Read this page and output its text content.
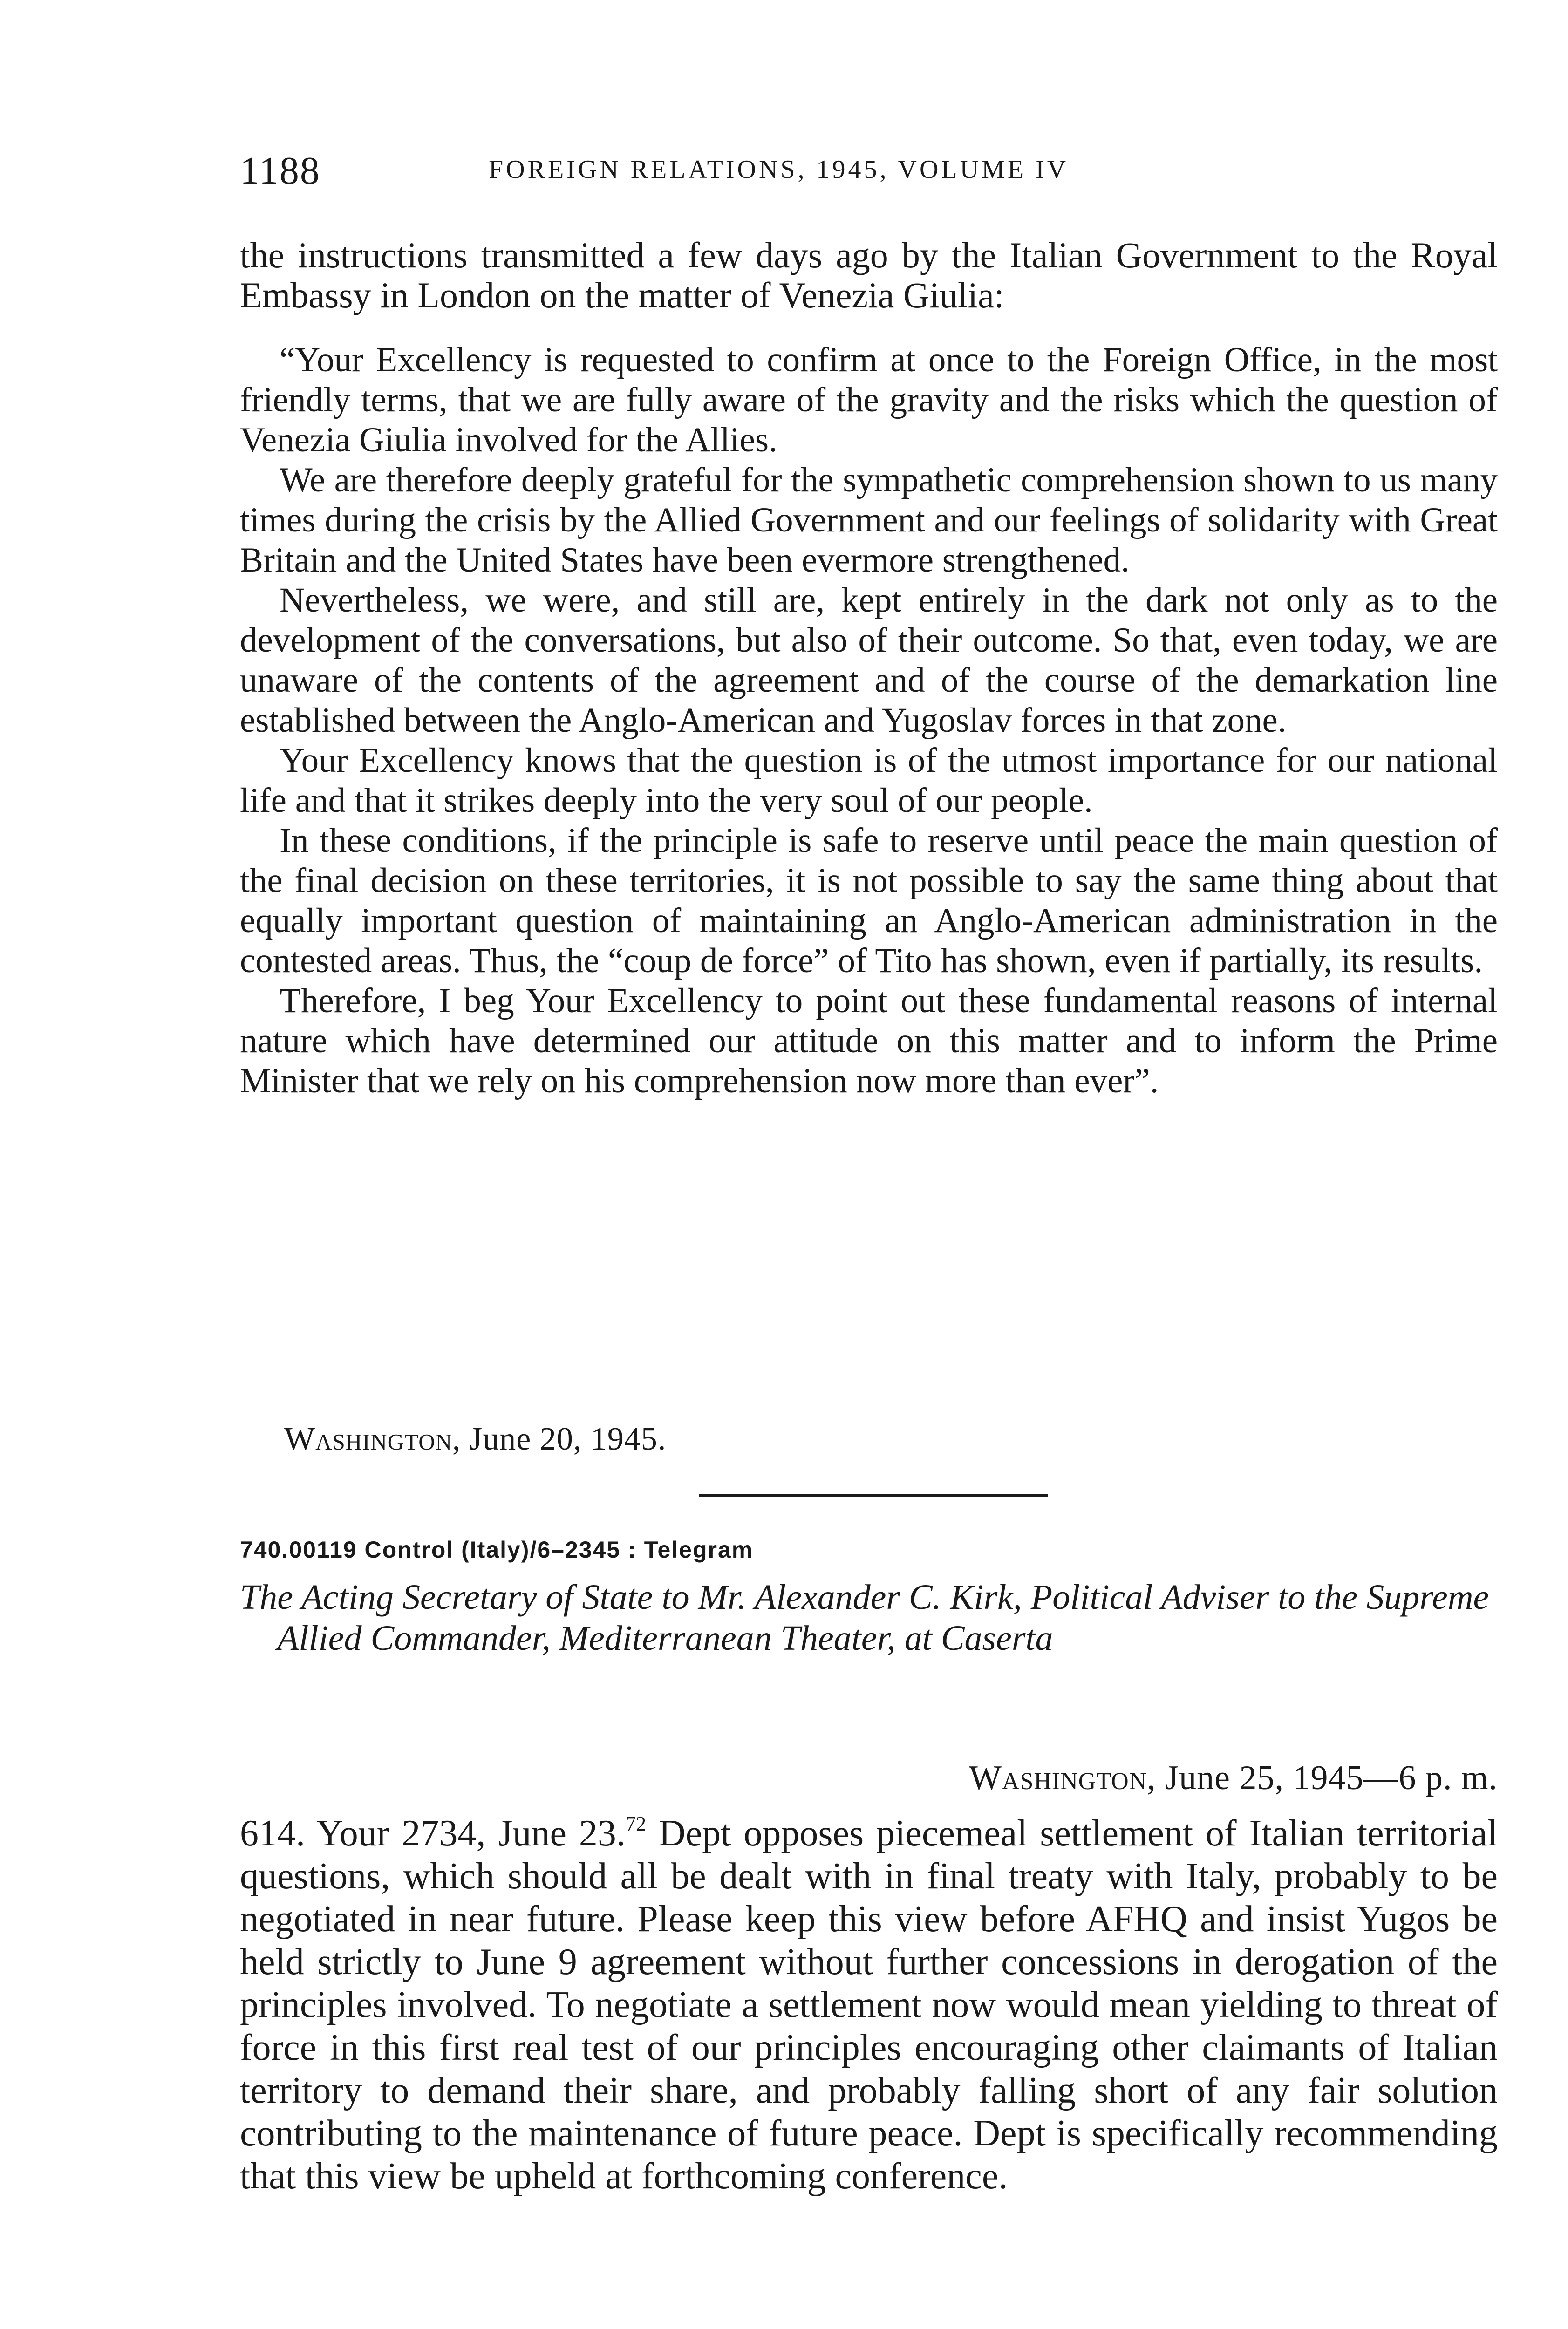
1188	FOREIGN RELATIONS, 1945, VOLUME IV

the instructions transmitted a few days ago by the Italian Government to the Royal Embassy in London on the matter of Venezia Giulia:

“Your Excellency is requested to confirm at once to the Foreign Office, in the most friendly terms, that we are fully aware of the gravity and the risks which the question of Venezia Giulia involved for the Allies.

We are therefore deeply grateful for the sympathetic comprehension shown to us many times during the crisis by the Allied Government and our feelings of solidarity with Great Britain and the United States have been evermore strengthened.

Nevertheless, we were, and still are, kept entirely in the dark not only as to the development of the conversations, but also of their outcome. So that, even today, we are unaware of the contents of the agreement and of the course of the demarkation line established between the Anglo-American and Yugoslav forces in that zone.

Your Excellency knows that the question is of the utmost importance for our national life and that it strikes deeply into the very soul of our people.

In these conditions, if the principle is safe to reserve until peace the main question of the final decision on these territories, it is not possible to say the same thing about that equally important question of maintaining an Anglo-American administration in the contested areas. Thus, the “coup de force” of Tito has shown, even if partially, its results.

Therefore, I beg Your Excellency to point out these fundamental reasons of internal nature which have determined our attitude on this matter and to inform the Prime Minister that we rely on his comprehension now more than ever”.

Washington, June 20, 1945.
740.00119 Control (Italy)/6–2345 : Telegram
The Acting Secretary of State to Mr. Alexander C. Kirk, Political Adviser to the Supreme Allied Commander, Mediterranean Theater, at Caserta
Washington, June 25, 1945—6 p. m.

614. Your 2734, June 23.72 Dept opposes piecemeal settlement of Italian territorial questions, which should all be dealt with in final treaty with Italy, probably to be negotiated in near future. Please keep this view before AFHQ and insist Yugos be held strictly to June 9 agreement without further concessions in derogation of the principles involved. To negotiate a settlement now would mean yielding to threat of force in this first real test of our principles encouraging other claimants of Italian territory to demand their share, and probably falling short of any fair solution contributing to the maintenance of future peace. Dept is specifically recommending that this view be upheld at forthcoming conference.
